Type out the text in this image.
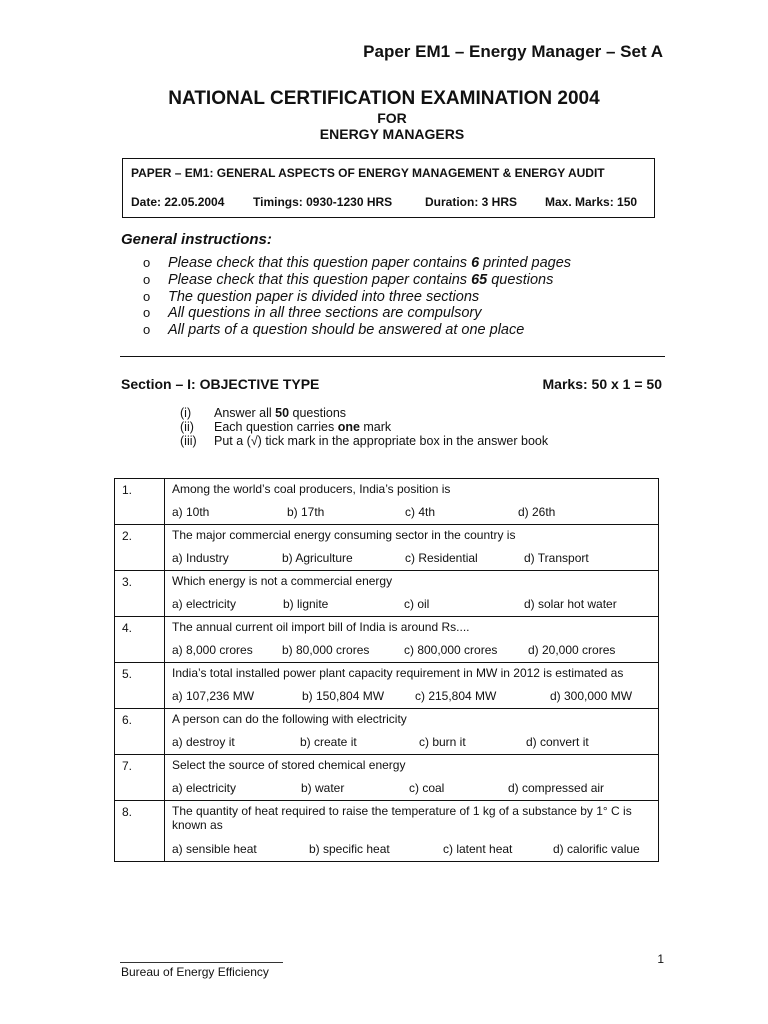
Paper EM1 – Energy Manager – Set A
NATIONAL CERTIFICATION EXAMINATION 2004
FOR
ENERGY MANAGERS
PAPER – EM1: GENERAL ASPECTS OF ENERGY MANAGEMENT & ENERGY AUDIT
Date: 22.05.2004 Timings: 0930-1230 HRS	Duration: 3 HRS Max. Marks: 150
General instructions:
o Please check that this question paper contains 6 printed pages
o Please check that this question paper contains 65 questions
o The question paper is divided into three sections
o All questions in all three sections are compulsory
o All parts of a question should be answered at one place
Section – I: OBJECTIVE TYPE	Marks: 50 x 1 = 50
(i) Answer all 50 questions
(ii) Each question carries one mark
(iii) Put a (√) tick mark in the appropriate box in the answer book
1.	Among the world’s coal producers, India’s position is
a) 10th b) 17th c) 4th d) 26th

2.	The major commercial energy consuming sector in the country is
a) Industry b) Agriculture c) Residential d) Transport

3.	Which energy is not a commercial energy
a) electricity b) lignite c) oil d) solar hot water

4.	The annual current oil import bill of India is around Rs....
a) 8,000 crores b) 80,000 crores c) 800,000 crores d) 20,000 crores

5.	India’s total installed power plant capacity requirement in MW in 2012 is estimated as
a) 107,236 MW b) 150,804 MW c) 215,804 MW d) 300,000 MW

6.	A person can do the following with electricity
a) destroy it b) create it c) burn it d) convert it

7.	Select the source of stored chemical energy
a) electricity b) water c) coal d) compressed air

8.	The quantity of heat required to raise the temperature of 1 kg of a substance by 1° C is known as
a) sensible heat b) specific heat c) latent heat d) calorific value
1
Bureau of Energy Efficiency
